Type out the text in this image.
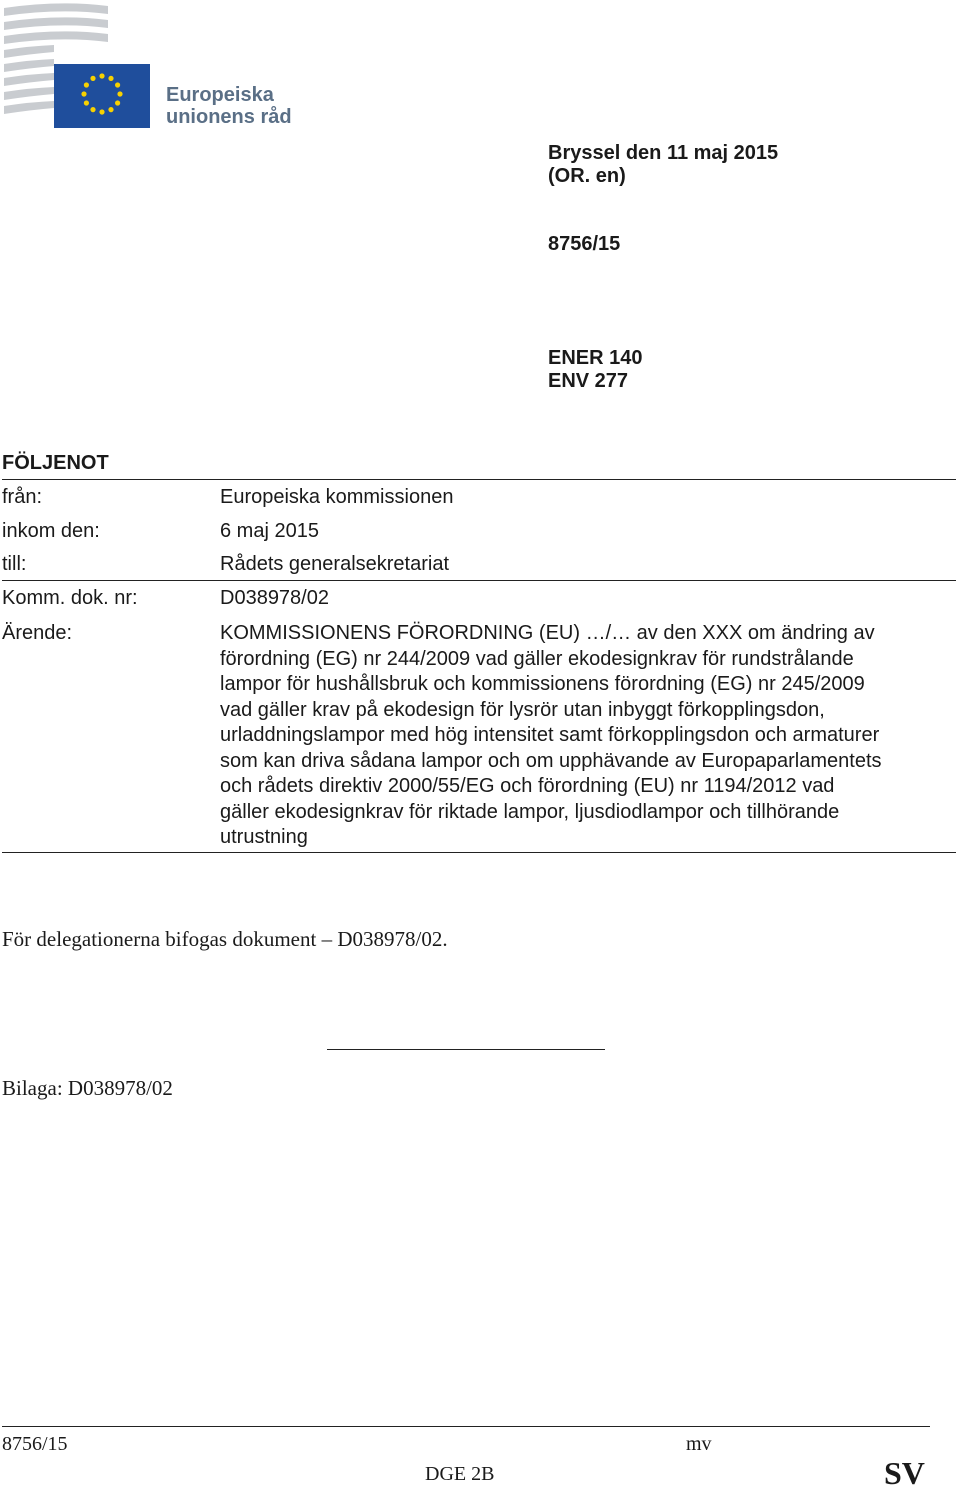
Europeiska
unionens råd
Bryssel den 11 maj 2015
(OR. en)
8756/15
ENER 140
ENV 277
FÖLJENOT
från:	Europeiska kommissionen
inkom den:	6 maj 2015
till:	Rådets generalsekretariat
Komm. dok. nr:	D038978/02
Ärende:	KOMMISSIONENS FÖRORDNING (EU) …/… av den XXX om ändring av
förordning (EG) nr 244/2009 vad gäller ekodesignkrav för rundstrålande
lampor för hushållsbruk och kommissionens förordning (EG) nr 245/2009
vad gäller krav på ekodesign för lysrör utan inbyggt förkopplingsdon,
urladdningslampor med hög intensitet samt förkopplingsdon och armaturer
som kan driva sådana lampor och om upphävande av Europaparlamentets
och rådets direktiv 2000/55/EG och förordning (EU) nr 1194/2012 vad
gäller ekodesignkrav för riktade lampor, ljusdiodlampor och tillhörande
utrustning
För delegationerna bifogas dokument – D038978/02.
Bilaga: D038978/02
8756/15	mv
DGE 2B	SV
